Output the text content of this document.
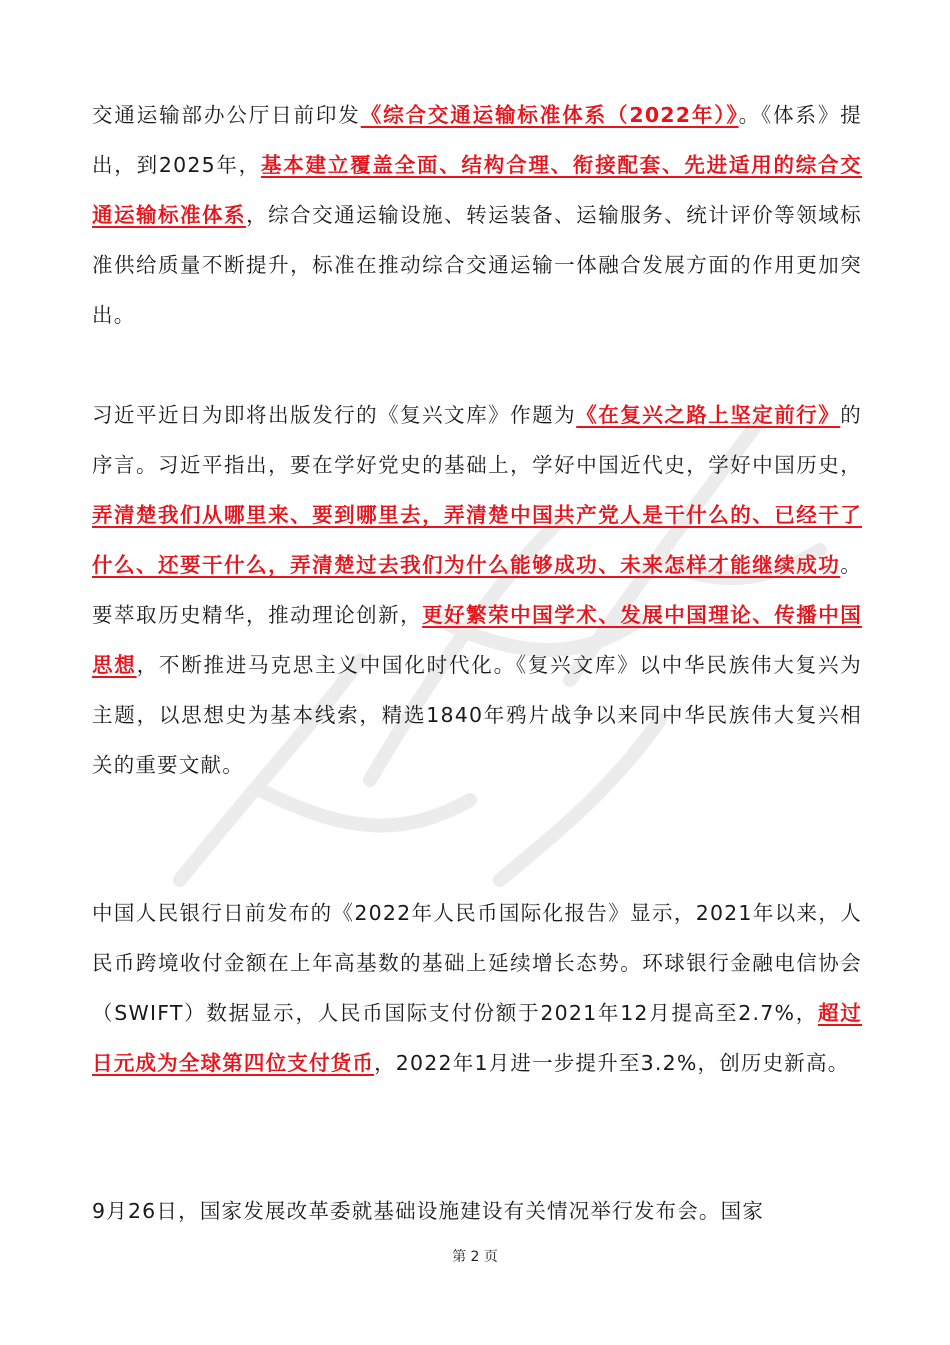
交通运输部办公厅日前印发《综合交通运输标准体系（2022年）》。《体系》提出，到2025年，基本建立覆盖全面、结构合理、衔接配套、先进适用的综合交通运输标准体系，综合交通运输设施、转运装备、运输服务、统计评价等领域标准供给质量不断提升，标准在推动综合交通运输一体融合发展方面的作用更加突出。

习近平近日为即将出版发行的《复兴文库》作题为《在复兴之路上坚定前行》的序言。习近平指出，要在学好党史的基础上，学好中国近代史，学好中国历史，弄清楚我们从哪里来、要到哪里去，弄清楚中国共产党人是干什么的、已经干了什么、还要干什么，弄清楚过去我们为什么能够成功、未来怎样才能继续成功。要萃取历史精华，推动理论创新，更好繁荣中国学术、发展中国理论、传播中国思想，不断推进马克思主义中国化时代化。《复兴文库》以中华民族伟大复兴为主题，以思想史为基本线索，精选1840年鸦片战争以来同中华民族伟大复兴相关的重要文献。

中国人民银行日前发布的《2022年人民币国际化报告》显示，2021年以来，人民币跨境收付金额在上年高基数的基础上延续增长态势。环球银行金融电信协会（SWIFT）数据显示，人民币国际支付份额于2021年12月提高至2.7%，超过日元成为全球第四位支付货币，2022年1月进一步提升至3.2%，创历史新高。

9月26日，国家发展改革委就基础设施建设有关情况举行发布会。国家

第 2 页
